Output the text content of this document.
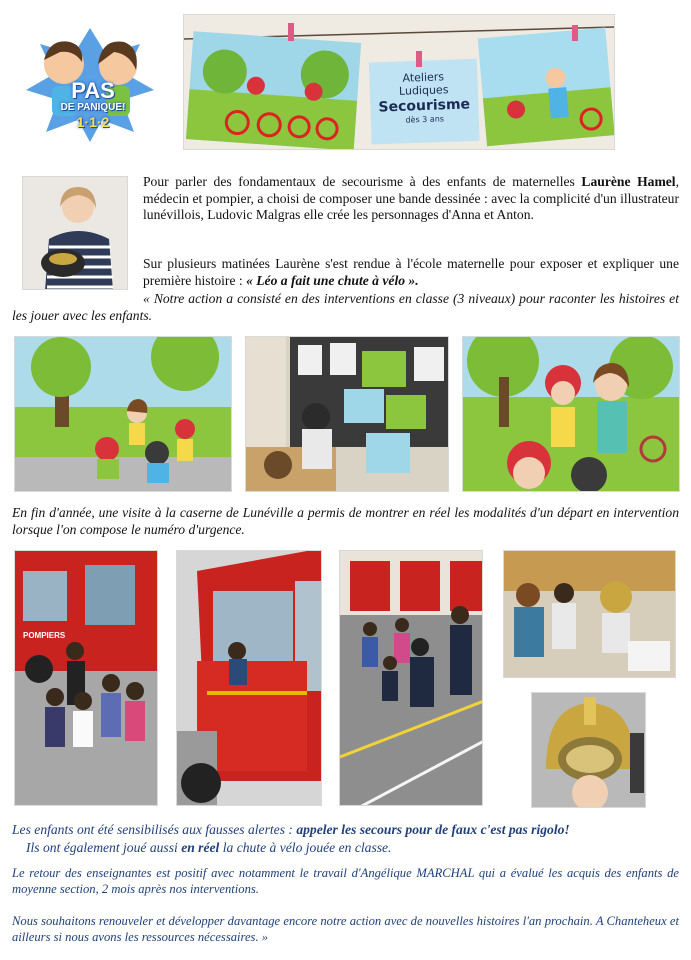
PAS
DE PANIQUE!
1·1·2
Ateliers
Ludiques
Secourisme
dès 3 ans
Pour parler des fondamentaux de secourisme à des enfants de maternelles Laurène Hamel, médecin et pompier, a choisi de composer une bande dessinée : avec la complicité d'un illustrateur lunévillois, Ludovic Malgras elle crée les personnages d'Anna et Anton.
Sur plusieurs matinées Laurène s'est rendue à l'école maternelle pour exposer et expliquer une première histoire : « Léo a fait une chute à vélo ».
« Notre action a consisté en des interventions en classe (3 niveaux) pour raconter les histoires et les jouer avec les enfants.
En fin d'année, une visite à la caserne de Lunéville a permis de montrer en réel les modalités d'un départ en intervention lorsque l'on compose le numéro d'urgence.
POMPIERS
Les enfants ont été sensibilisés aux fausses alertes : appeler les secours pour de faux c'est pas rigolo!
Ils ont également joué aussi en réel la chute à vélo jouée en classe.
Le retour des enseignantes est positif avec notamment le travail d'Angélique MARCHAL qui a évalué les acquis des enfants de moyenne section, 2 mois après nos interventions.
Nous souhaitons renouveler et développer davantage encore notre action avec de nouvelles histoires l'an prochain. A Chanteheux et ailleurs si nous avons les ressources nécessaires. »
